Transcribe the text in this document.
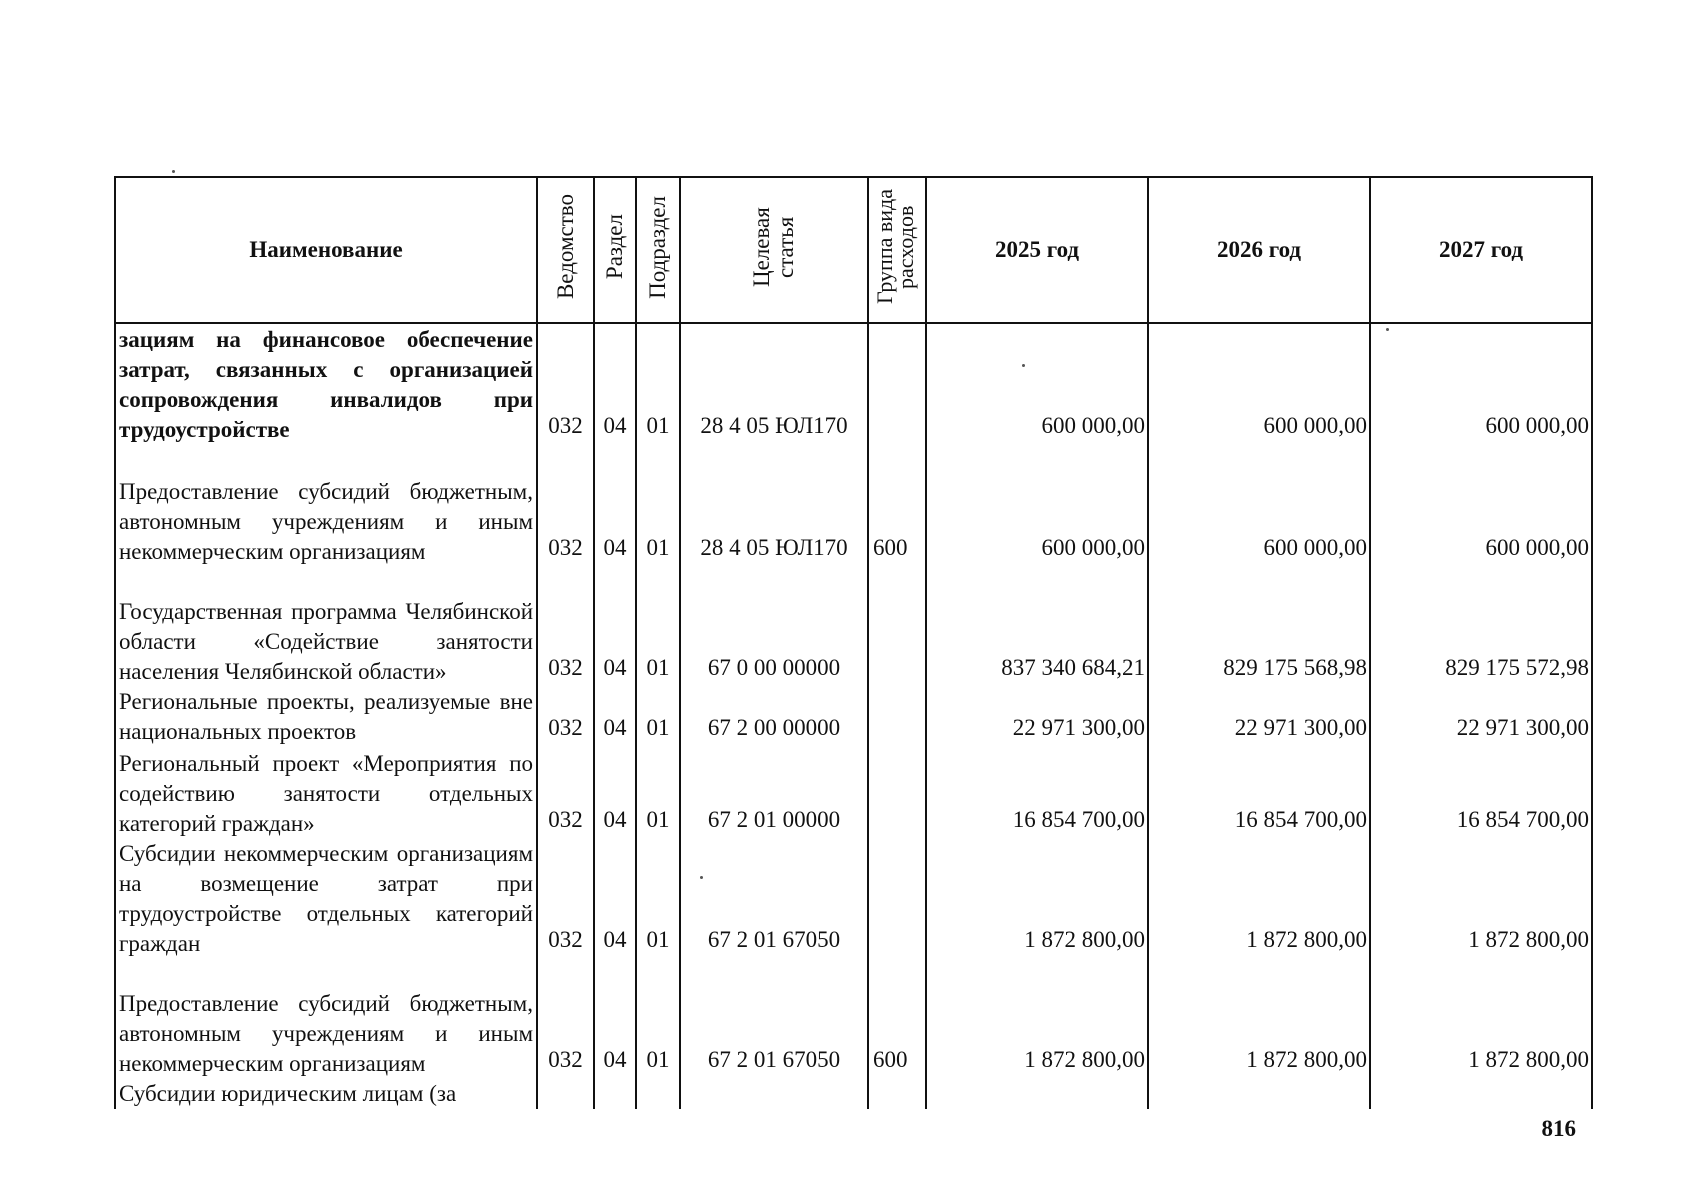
Наименование	Ведомство	Раздел	Подраздел	Целевая статья	Группа вида расходов	2025 год	2026 год	2027 год
зациям на финансовое обеспечение затрат, связанных с организацией сопровождения инвалидов при трудоустройстве	032	04	01	28 4 05 ЮЛ170		600 000,00	600 000,00	600 000,00
Предоставление субсидий бюджетным, автономным учреждениям и иным некоммерческим организациям	032	04	01	28 4 05 ЮЛ170	600	600 000,00	600 000,00	600 000,00
Государственная программа Челябинской области «Содействие занятости населения Челябинской области»	032	04	01	67 0 00 00000		837 340 684,21	829 175 568,98	829 175 572,98
Региональные проекты, реализуемые вне национальных проектов	032	04	01	67 2 00 00000		22 971 300,00	22 971 300,00	22 971 300,00
Региональный проект «Мероприятия по содействию занятости отдельных категорий граждан»	032	04	01	67 2 01 00000		16 854 700,00	16 854 700,00	16 854 700,00
Субсидии некоммерческим организациям на возмещение затрат при трудоустройстве отдельных категорий граждан	032	04	01	67 2 01 67050		1 872 800,00	1 872 800,00	1 872 800,00
Предоставление субсидий бюджетным, автономным учреждениям и иным некоммерческим организациям	032	04	01	67 2 01 67050	600	1 872 800,00	1 872 800,00	1 872 800,00
Субсидии юридическим лицам (за								
816
